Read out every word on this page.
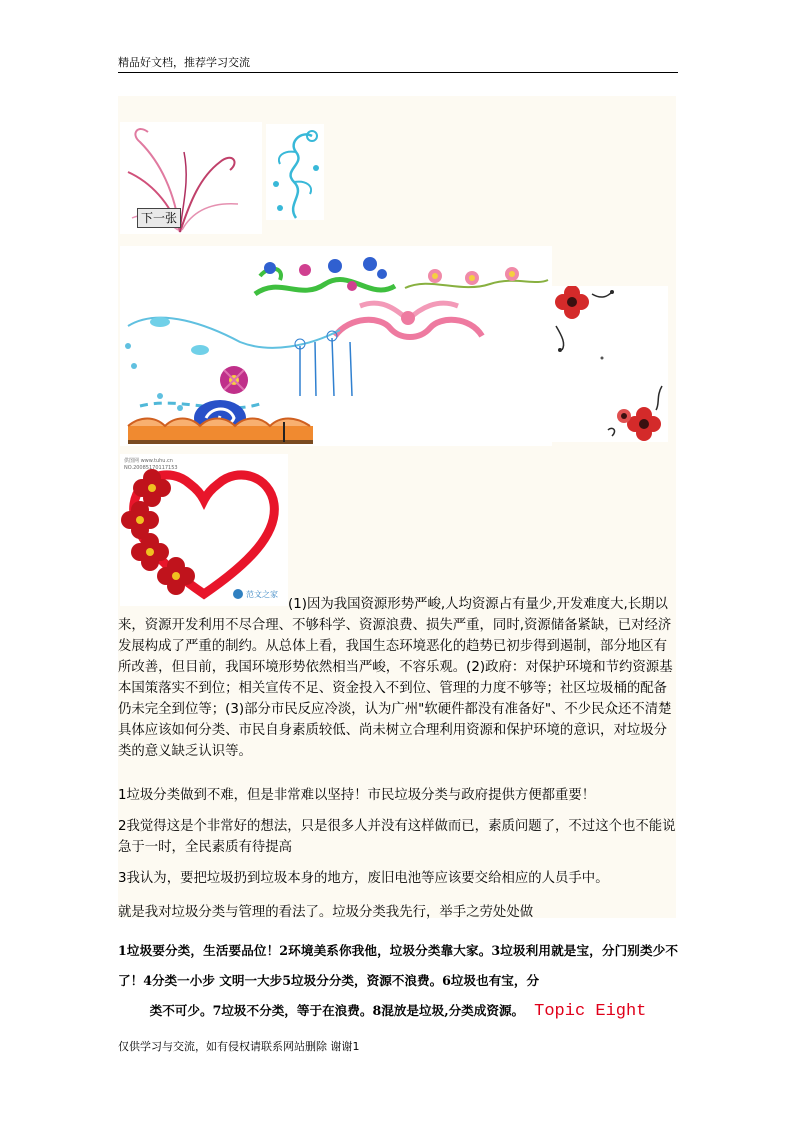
精品好文档，推荐学习交流
下一张
供图网 www.tuhu.cn
NO.20085170117153
范文之家

(1)因为我国资源形势严峻,人均资源占有量少,开发难度大,长期以来，资源开发利用不尽合理、不够科学、资源浪费、损失严重，同时,资源储备紧缺，已对经济发展构成了严重的制约。从总体上看，我国生态环境恶化的趋势已初步得到遏制，部分地区有所改善，但目前，我国环境形势依然相当严峻，不容乐观。(2)政府：对保护环境和节约资源基本国策落实不到位；相关宣传不足、资金投入不到位、管理的力度不够等；社区垃圾桶的配备仍未完全到位等；(3)部分市民反应冷淡，认为广州"软硬件都没有准备好"、不少民众还不清楚具体应该如何分类、市民自身素质较低、尚未树立合理利用资源和保护环境的意识，对垃圾分类的意义缺乏认识等。

1垃圾分类做到不难，但是非常难以坚持！市民垃圾分类与政府提供方便都重要！

2我觉得这是个非常好的想法，只是很多人并没有这样做而已，素质问题了，不过这个也不能说急于一时，全民素质有待提高

3我认为，要把垃圾扔到垃圾本身的地方，废旧电池等应该要交给相应的人员手中。

就是我对垃圾分类与管理的看法了。垃圾分类我先行，举手之劳处处做

1垃圾要分类，生活要品位！2环境美系你我他，垃圾分类靠大家。3垃圾利用就是宝，分门别类少不了！4分类一小步 文明一大步5垃圾分分类，资源不浪费。6垃圾也有宝，分
类不可少。7垃圾不分类，等于在浪费。8混放是垃圾,分类成资源。 Topic Eight
仅供学习与交流，如有侵权请联系网站删除 谢谢1
